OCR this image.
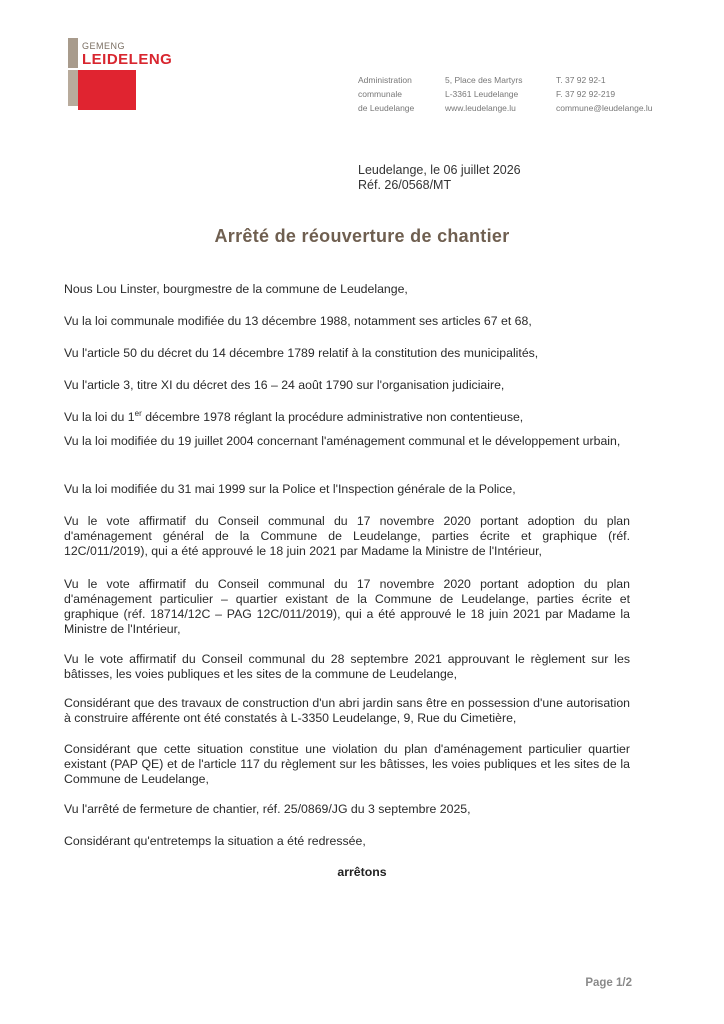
GEMENG
LEIDELENG
Administration
communale
de Leudelange
5, Place des Martyrs
L-3361 Leudelange
www.leudelange.lu
T. 37 92 92-1
F. 37 92 92-219
commune@leudelange.lu
Leudelange, le 06 juillet 2026
Réf. 26/0568/MT
Arrêté de réouverture de chantier
Nous Lou Linster, bourgmestre de la commune de Leudelange,
Vu la loi communale modifiée du 13 décembre 1988, notamment ses articles 67 et 68,
Vu l'article 50 du décret du 14 décembre 1789 relatif à la constitution des municipalités,
Vu l'article 3, titre XI du décret des 16 – 24 août 1790 sur l'organisation judiciaire,
Vu la loi du 1er décembre 1978 réglant la procédure administrative non contentieuse,
Vu la loi modifiée du 19 juillet 2004 concernant l'aménagement communal et le développement urbain,
Vu la loi modifiée du 31 mai 1999 sur la Police et l'Inspection générale de la Police,
Vu le vote affirmatif du Conseil communal du 17 novembre 2020 portant adoption du plan d'aménagement général de la Commune de Leudelange, parties écrite et graphique (réf. 12C/011/2019), qui a été approuvé le 18 juin 2021 par Madame la Ministre de l'Intérieur,
Vu le vote affirmatif du Conseil communal du 17 novembre 2020 portant adoption du plan d'aménagement particulier – quartier existant de la Commune de Leudelange, parties écrite et graphique (réf. 18714/12C – PAG 12C/011/2019), qui a été approuvé le 18 juin 2021 par Madame la Ministre de l'Intérieur,
Vu le vote affirmatif du Conseil communal du 28 septembre 2021 approuvant le règlement sur les bâtisses, les voies publiques et les sites de la commune de Leudelange,
Considérant que des travaux de construction d'un abri jardin sans être en possession d'une autorisation à construire afférente ont été constatés à L-3350 Leudelange, 9, Rue du Cimetière,
Considérant que cette situation constitue une violation du plan d'aménagement particulier quartier existant (PAP QE) et de l'article 117 du règlement sur les bâtisses, les voies publiques et les sites de la Commune de Leudelange,
Vu l'arrêté de fermeture de chantier, réf. 25/0869/JG du 3 septembre 2025,
Considérant qu'entretemps la situation a été redressée,
arrêtons
Page 1/2
